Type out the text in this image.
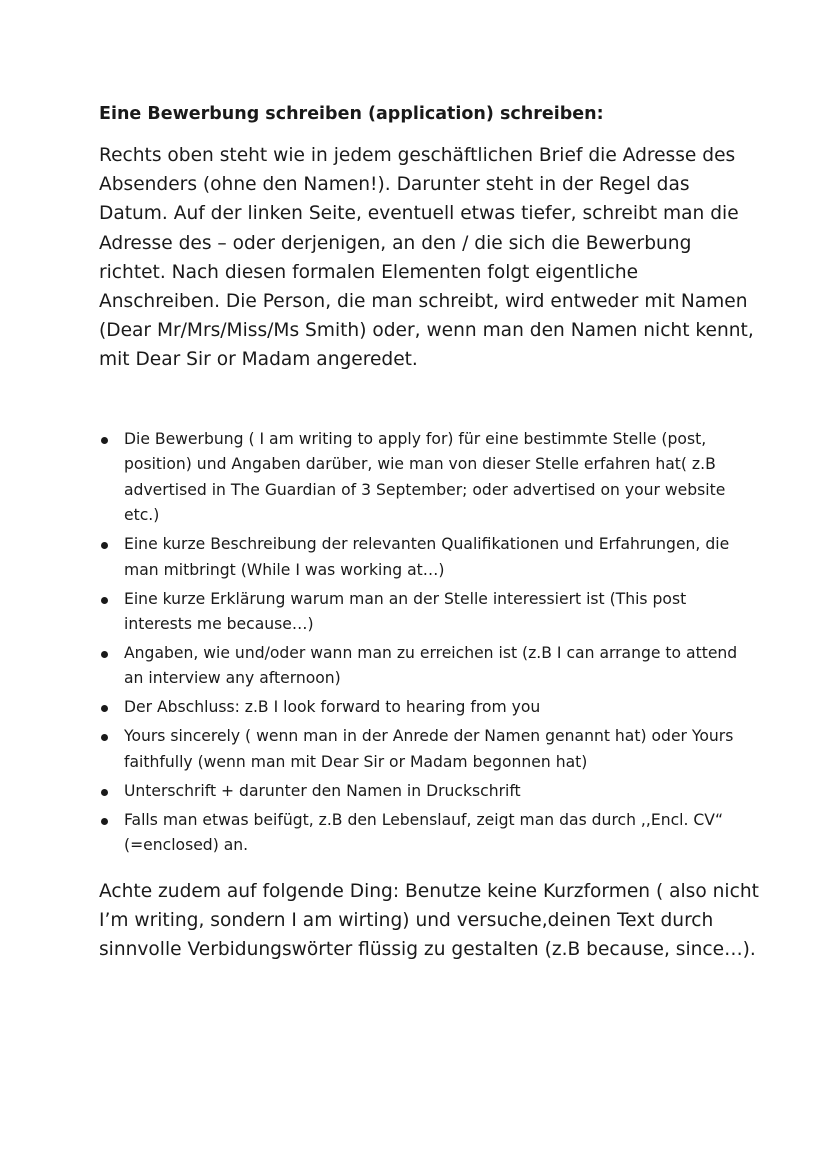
Eine Bewerbung schreiben (application) schreiben:

Rechts oben steht wie in jedem geschäftlichen Brief die Adresse des Absenders (ohne den Namen!). Darunter steht in der Regel das Datum. Auf der linken Seite, eventuell etwas tiefer, schreibt man die Adresse des – oder derjenigen, an den / die sich die Bewerbung richtet. Nach diesen formalen Elementen folgt eigentliche Anschreiben. Die Person, die man schreibt, wird entweder mit Namen (Dear Mr/Mrs/Miss/Ms Smith) oder, wenn man den Namen nicht kennt, mit Dear Sir or Madam angeredet.

Die Bewerbung ( I am writing to apply for) für eine bestimmte Stelle (post, position) und Angaben darüber, wie man von dieser Stelle erfahren hat( z.B advertised in The Guardian of 3 September; oder advertised on your website etc.)
Eine kurze Beschreibung der relevanten Qualifikationen und Erfahrungen, die man mitbringt (While I was working at…)
Eine kurze Erklärung warum man an der Stelle interessiert ist (This post interests me because…)
Angaben, wie und/oder wann man zu erreichen ist (z.B I can arrange to attend an interview any afternoon)
Der Abschluss: z.B I look forward to hearing from you
Yours sincerely ( wenn man in der Anrede der Namen genannt hat) oder Yours faithfully (wenn man mit Dear Sir or Madam begonnen hat)
Unterschrift + darunter den Namen in Druckschrift
Falls man etwas beifügt, z.B den Lebenslauf, zeigt man das durch ,,Encl. CV“ (=enclosed) an.

Achte zudem auf folgende Ding: Benutze keine Kurzformen ( also nicht I’m writing, sondern I am wirting) und versuche,deinen Text durch sinnvolle Verbidungswörter flüssig zu gestalten (z.B because, since…).
